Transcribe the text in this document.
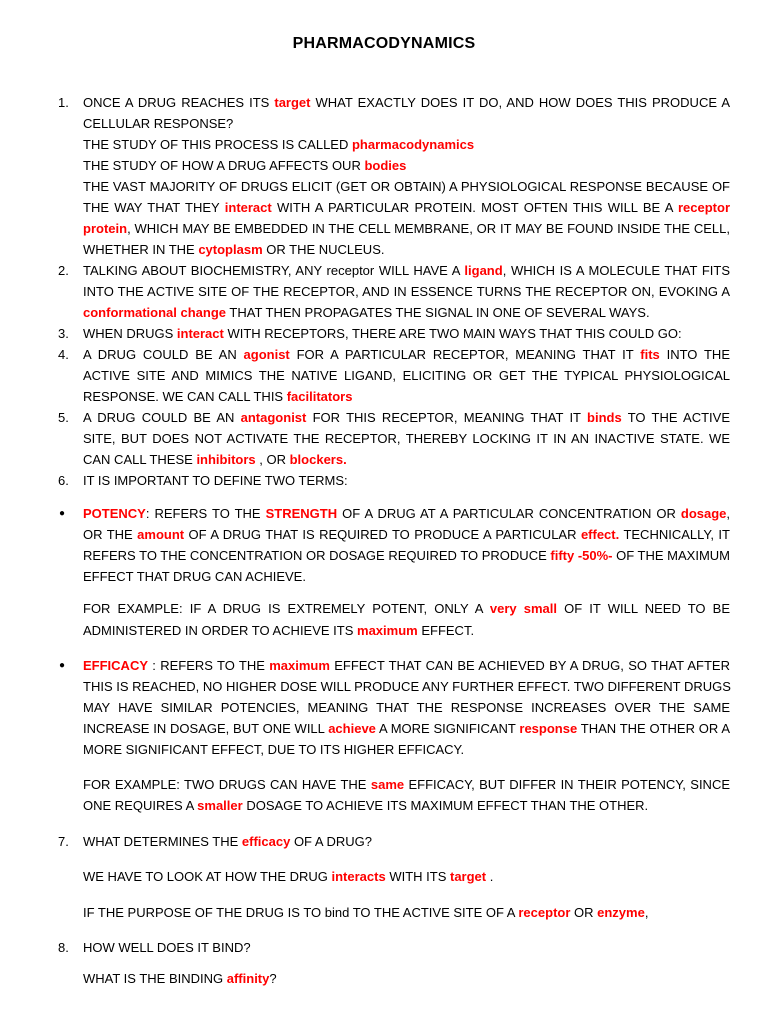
PHARMACODYNAMICS
ONCE A DRUG REACHES ITS target WHAT EXACTLY DOES IT DO, AND HOW DOES THIS PRODUCE A
1.
CELLULAR RESPONSE?
THE STUDY OF THIS PROCESS IS CALLED pharmacodynamics
THE STUDY OF HOW A DRUG AFFECTS OUR bodies
THE VAST MAJORITY OF DRUGS ELICIT (GET OR OBTAIN) A PHYSIOLOGICAL RESPONSE BECAUSE OF
THE WAY THAT THEY interact WITH A PARTICULAR PROTEIN. MOST OFTEN THIS WILL BE A receptor
protein, WHICH MAY BE EMBEDDED IN THE CELL MEMBRANE, OR IT MAY BE FOUND INSIDE THE CELL,
WHETHER IN THE cytoplasm OR THE NUCLEUS.
TALKING ABOUT BIOCHEMISTRY, ANY receptor WILL HAVE A ligand, WHICH IS A MOLECULE THAT FITS
2.
INTO THE ACTIVE SITE OF THE RECEPTOR, AND IN ESSENCE TURNS THE RECEPTOR ON, EVOKING A
conformational change THAT THEN PROPAGATES THE SIGNAL IN ONE OF SEVERAL WAYS.
WHEN DRUGS interact WITH RECEPTORS, THERE ARE TWO MAIN WAYS THAT THIS COULD GO:
3.
A DRUG COULD BE AN agonist FOR A PARTICULAR RECEPTOR, MEANING THAT IT fits INTO THE
4.
ACTIVE SITE AND MIMICS THE NATIVE LIGAND, ELICITING OR GET THE TYPICAL PHYSIOLOGICAL
RESPONSE. WE CAN CALL THIS facilitators
A DRUG COULD BE AN antagonist FOR THIS RECEPTOR, MEANING THAT IT binds TO THE ACTIVE
5.
SITE, BUT DOES NOT ACTIVATE THE RECEPTOR, THEREBY LOCKING IT IN AN INACTIVE STATE. WE
CAN CALL THESE inhibitors , OR blockers.
IT IS IMPORTANT TO DEFINE TWO TERMS:
6.
POTENCY: REFERS TO THE STRENGTH OF A DRUG AT A PARTICULAR CONCENTRATION OR dosage,
●
OR THE amount OF A DRUG THAT IS REQUIRED TO PRODUCE A PARTICULAR effect. TECHNICALLY, IT
REFERS TO THE CONCENTRATION OR DOSAGE REQUIRED TO PRODUCE fifty -50%- OF THE MAXIMUM
EFFECT THAT DRUG CAN ACHIEVE.
FOR EXAMPLE: IF A DRUG IS EXTREMELY POTENT, ONLY A very small OF IT WILL NEED TO BE
ADMINISTERED IN ORDER TO ACHIEVE ITS maximum EFFECT.
EFFICACY : REFERS TO THE maximum EFFECT THAT CAN BE ACHIEVED BY A DRUG, SO THAT AFTER
●
THIS IS REACHED, NO HIGHER DOSE WILL PRODUCE ANY FURTHER EFFECT. TWO DIFFERENT DRUGS
MAY HAVE SIMILAR POTENCIES, MEANING THAT THE RESPONSE INCREASES OVER THE SAME
INCREASE IN DOSAGE, BUT ONE WILL achieve A MORE SIGNIFICANT response THAN THE OTHER OR A
MORE SIGNIFICANT EFFECT, DUE TO ITS HIGHER EFFICACY.
FOR EXAMPLE: TWO DRUGS CAN HAVE THE same EFFICACY, BUT DIFFER IN THEIR POTENCY, SINCE
ONE REQUIRES A smaller DOSAGE TO ACHIEVE ITS MAXIMUM EFFECT THAN THE OTHER.
WHAT DETERMINES THE efficacy OF A DRUG?
7.
WE HAVE TO LOOK AT HOW THE DRUG interacts WITH ITS target .
IF THE PURPOSE OF THE DRUG IS TO bind TO THE ACTIVE SITE OF A receptor OR enzyme,
HOW WELL DOES IT BIND?
8.
WHAT IS THE BINDING affinity?
